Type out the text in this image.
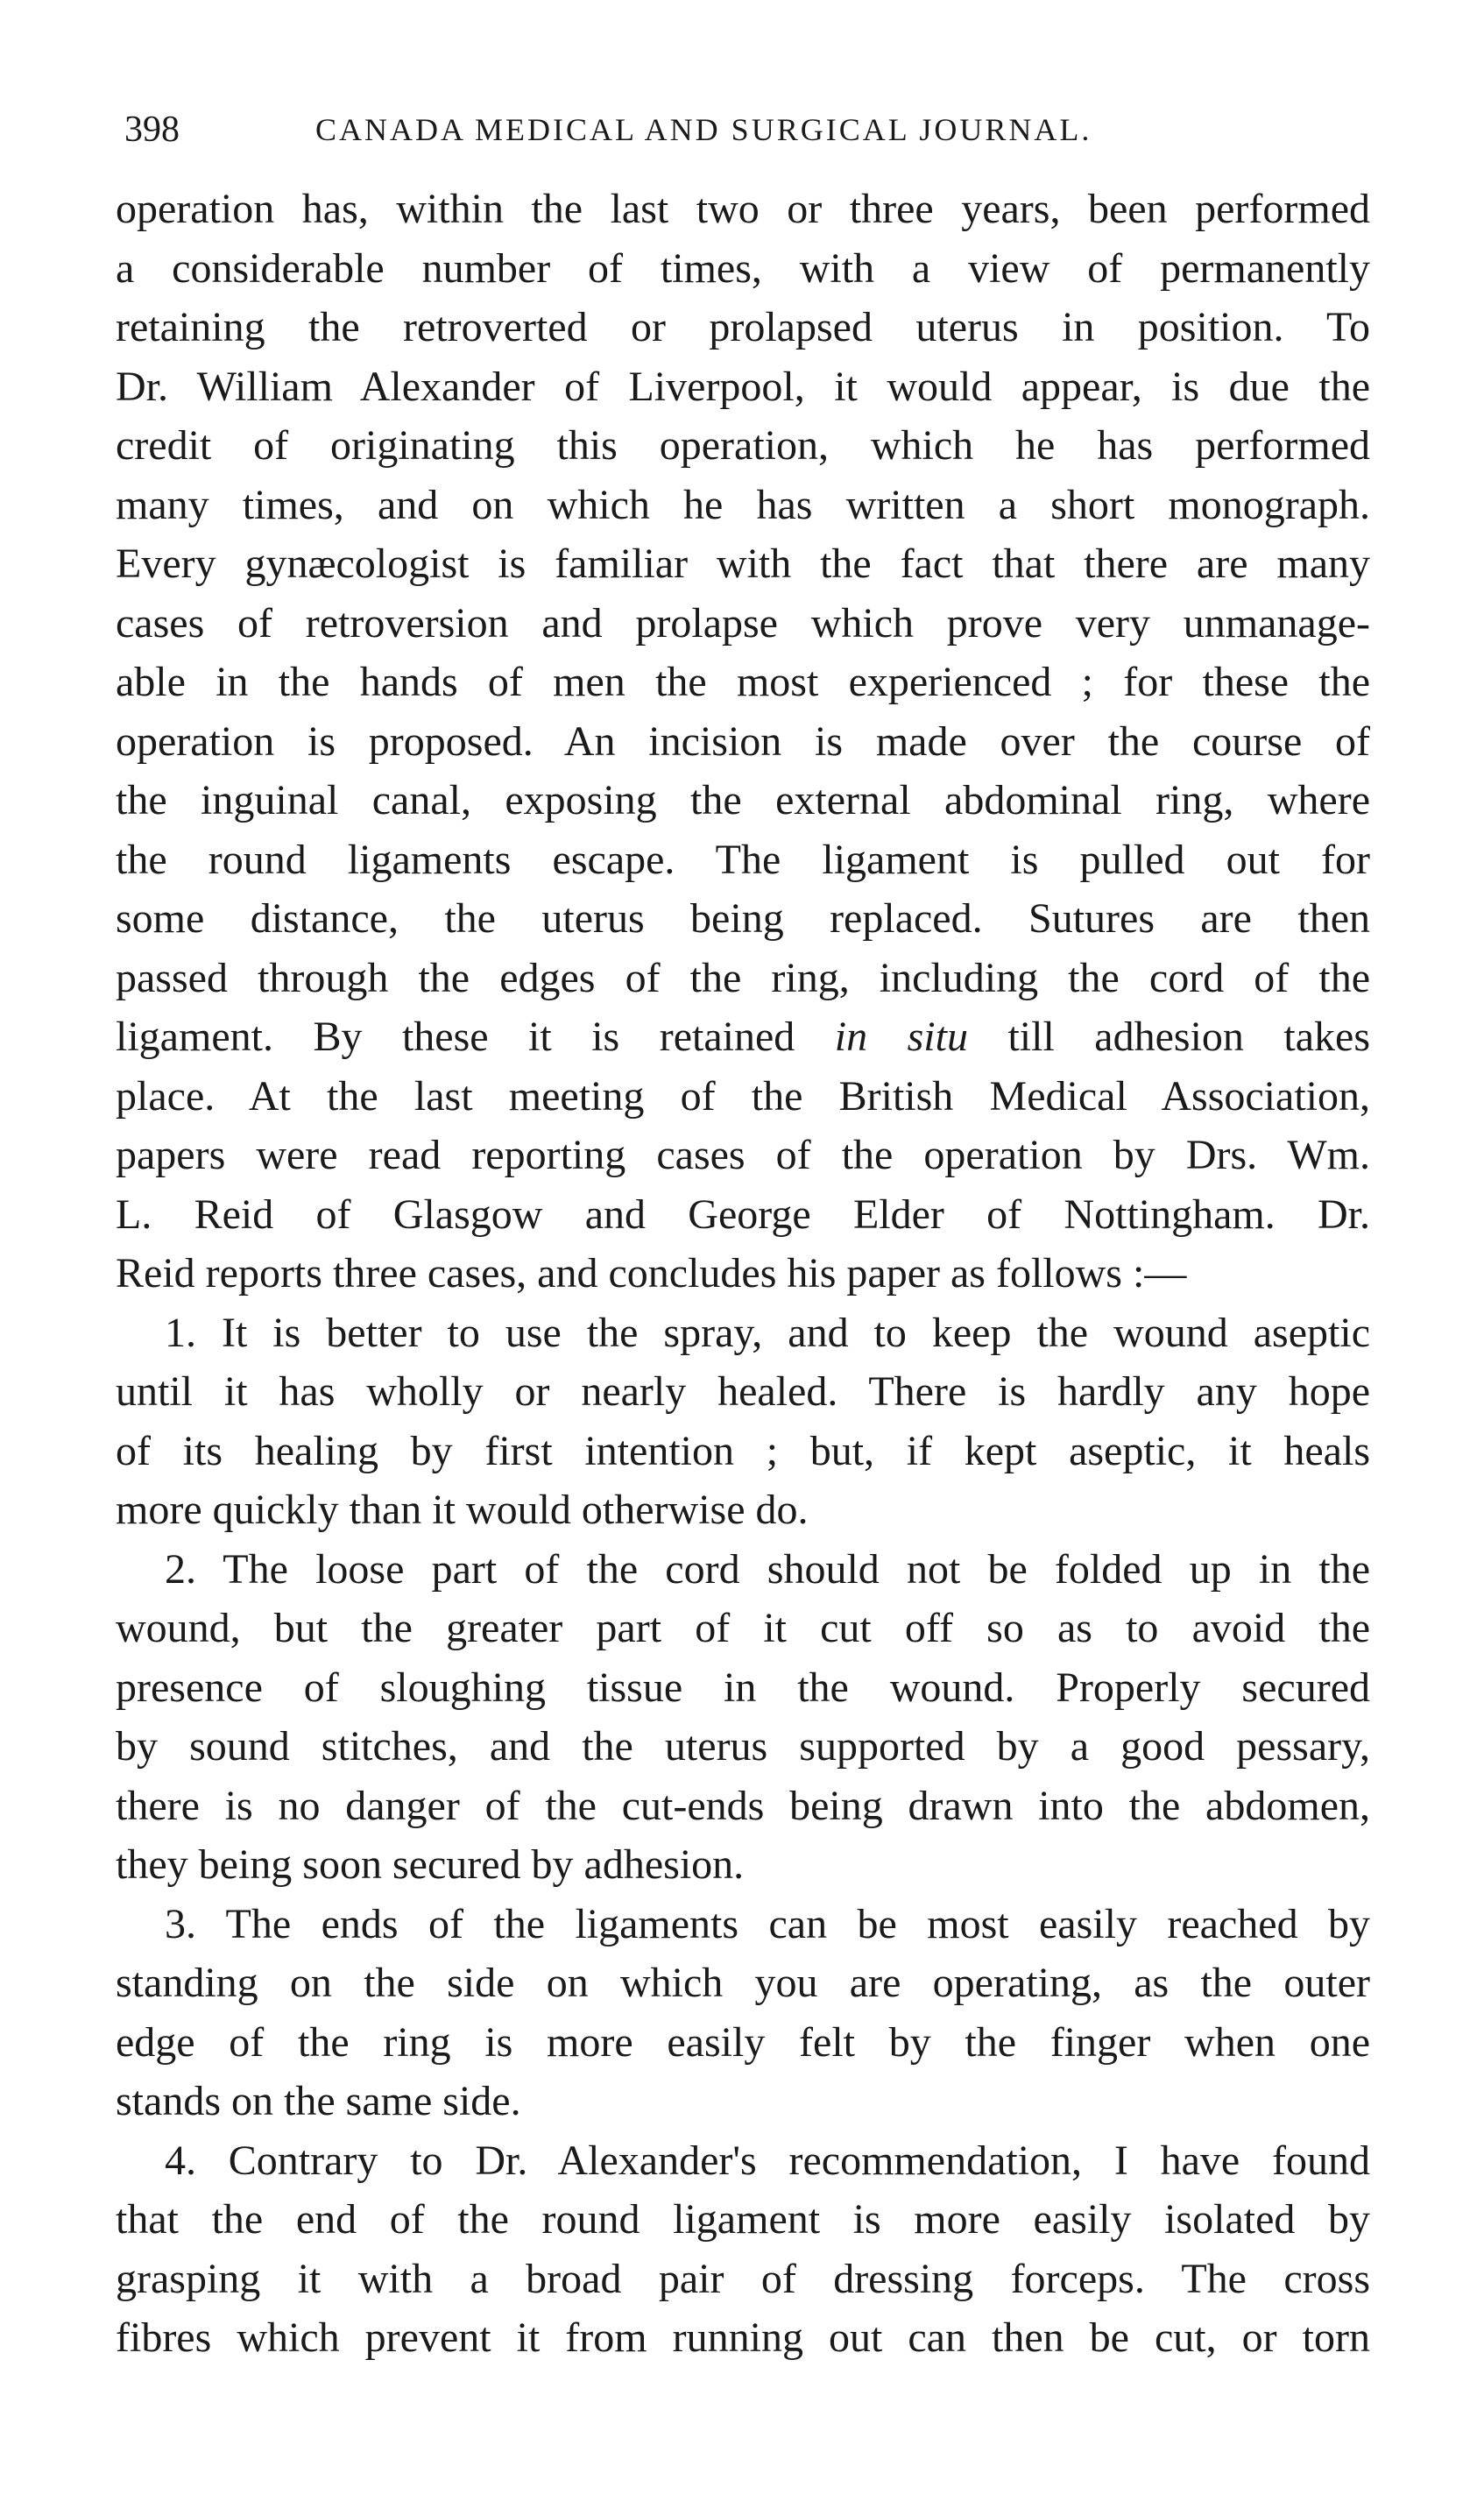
398	CANADA MEDICAL AND SURGICAL JOURNAL.
operation has, within the last two or three years, been performed
a considerable number of times, with a view of permanently
retaining the retroverted or prolapsed uterus in position. To
Dr. William Alexander of Liverpool, it would appear, is due the
credit of originating this operation, which he has performed
many times, and on which he has written a short monograph.
Every gynæcologist is familiar with the fact that there are many
cases of retroversion and prolapse which prove very unmanage-
able in the hands of men the most experienced ; for these the
operation is proposed. An incision is made over the course of
the inguinal canal, exposing the external abdominal ring, where
the round ligaments escape. The ligament is pulled out for
some distance, the uterus being replaced. Sutures are then
passed through the edges of the ring, including the cord of the
ligament. By these it is retained in situ till adhesion takes
place. At the last meeting of the British Medical Association,
papers were read reporting cases of the operation by Drs. Wm.
L. Reid of Glasgow and George Elder of Nottingham. Dr.
Reid reports three cases, and concludes his paper as follows :—
1. It is better to use the spray, and to keep the wound aseptic
until it has wholly or nearly healed. There is hardly any hope
of its healing by first intention ; but, if kept aseptic, it heals
more quickly than it would otherwise do.
2. The loose part of the cord should not be folded up in the
wound, but the greater part of it cut off so as to avoid the
presence of sloughing tissue in the wound. Properly secured
by sound stitches, and the uterus supported by a good pessary,
there is no danger of the cut-ends being drawn into the abdomen,
they being soon secured by adhesion.
3. The ends of the ligaments can be most easily reached by
standing on the side on which you are operating, as the outer
edge of the ring is more easily felt by the finger when one
stands on the same side.
4. Contrary to Dr. Alexander's recommendation, I have found
that the end of the round ligament is more easily isolated by
grasping it with a broad pair of dressing forceps. The cross
fibres which prevent it from running out can then be cut, or torn
